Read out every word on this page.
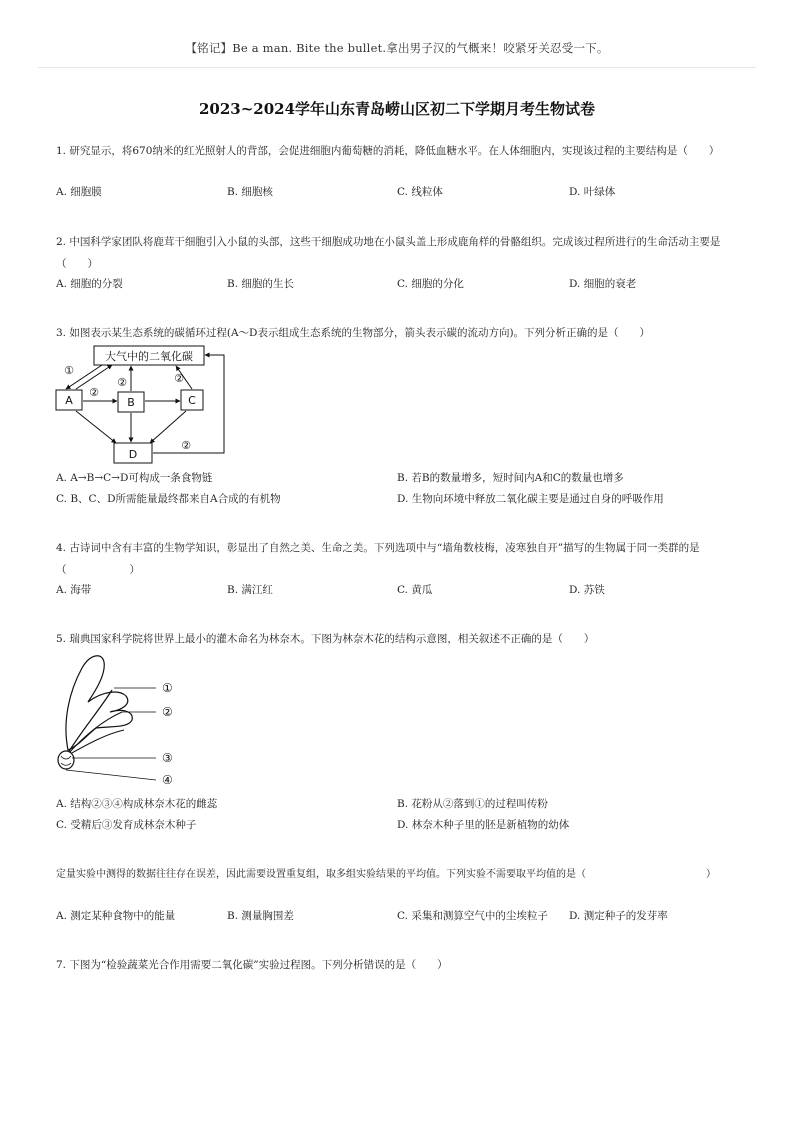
【铭记】Be a man. Bite the bullet.拿出男子汉的气概来！咬紧牙关忍受一下。
2023~2024学年山东青岛崂山区初二下学期月考生物试卷
1. 研究显示，将670纳米的红光照射人的背部，会促进细胞内葡萄糖的消耗，降低血糖水平。在人体细胞内，实现该过程的主要结构是（　　）
A. 细胞膜	B. 细胞核	C. 线粒体	D. 叶绿体
2. 中国科学家团队将鹿茸干细胞引入小鼠的头部，这些干细胞成功地在小鼠头盖上形成鹿角样的骨骼组织。完成该过程所进行的生命活动主要是（　　）
A. 细胞的分裂	B. 细胞的生长	C. 细胞的分化	D. 细胞的衰老
3. 如图表示某生态系统的碳循环过程(A～D表示组成生态系统的生物部分，箭头表示碳的流动方向)。下列分析正确的是（　　）
大气中的二氧化碳
A	B	C
D
①
②
②	②
②
A. A→B→C→D可构成一条食物链	B. 若B的数量增多，短时间内A和C的数量也增多
C. B、C、D所需能量最终都来自A合成的有机物	D. 生物向环境中释放二氧化碳主要是通过自身的呼吸作用
4. 古诗词中含有丰富的生物学知识，彰显出了自然之美、生命之美。下列选项中与“墙角数枝梅，凌寒独自开”描写的生物属于同一类群的是（　　　　　　）
A. 海带	B. 满江红	C. 黄瓜	D. 苏铁
5. 瑞典国家科学院将世界上最小的灌木命名为林奈木。下图为林奈木花的结构示意图，相关叙述不正确的是（　　）
①
②
③
④
A. 结构②③④构成林奈木花的雌蕊	B. 花粉从②落到①的过程叫传粉
C. 受精后③发育成林奈木种子	D. 林奈木种子里的胚是新植物的幼体
定量实验中测得的数据往往存在误差，因此需要设置重复组，取多组实验结果的平均值。下列实验不需要取平均值的是（　　　　　　　　　　　　）
A. 测定某种食物中的能量	B. 测量胸围差	C. 采集和测算空气中的尘埃粒子 D. 测定种子的发芽率
7. 下图为“检验蔬菜光合作用需要二氧化碳”实验过程图。下列分析错误的是（　　）
